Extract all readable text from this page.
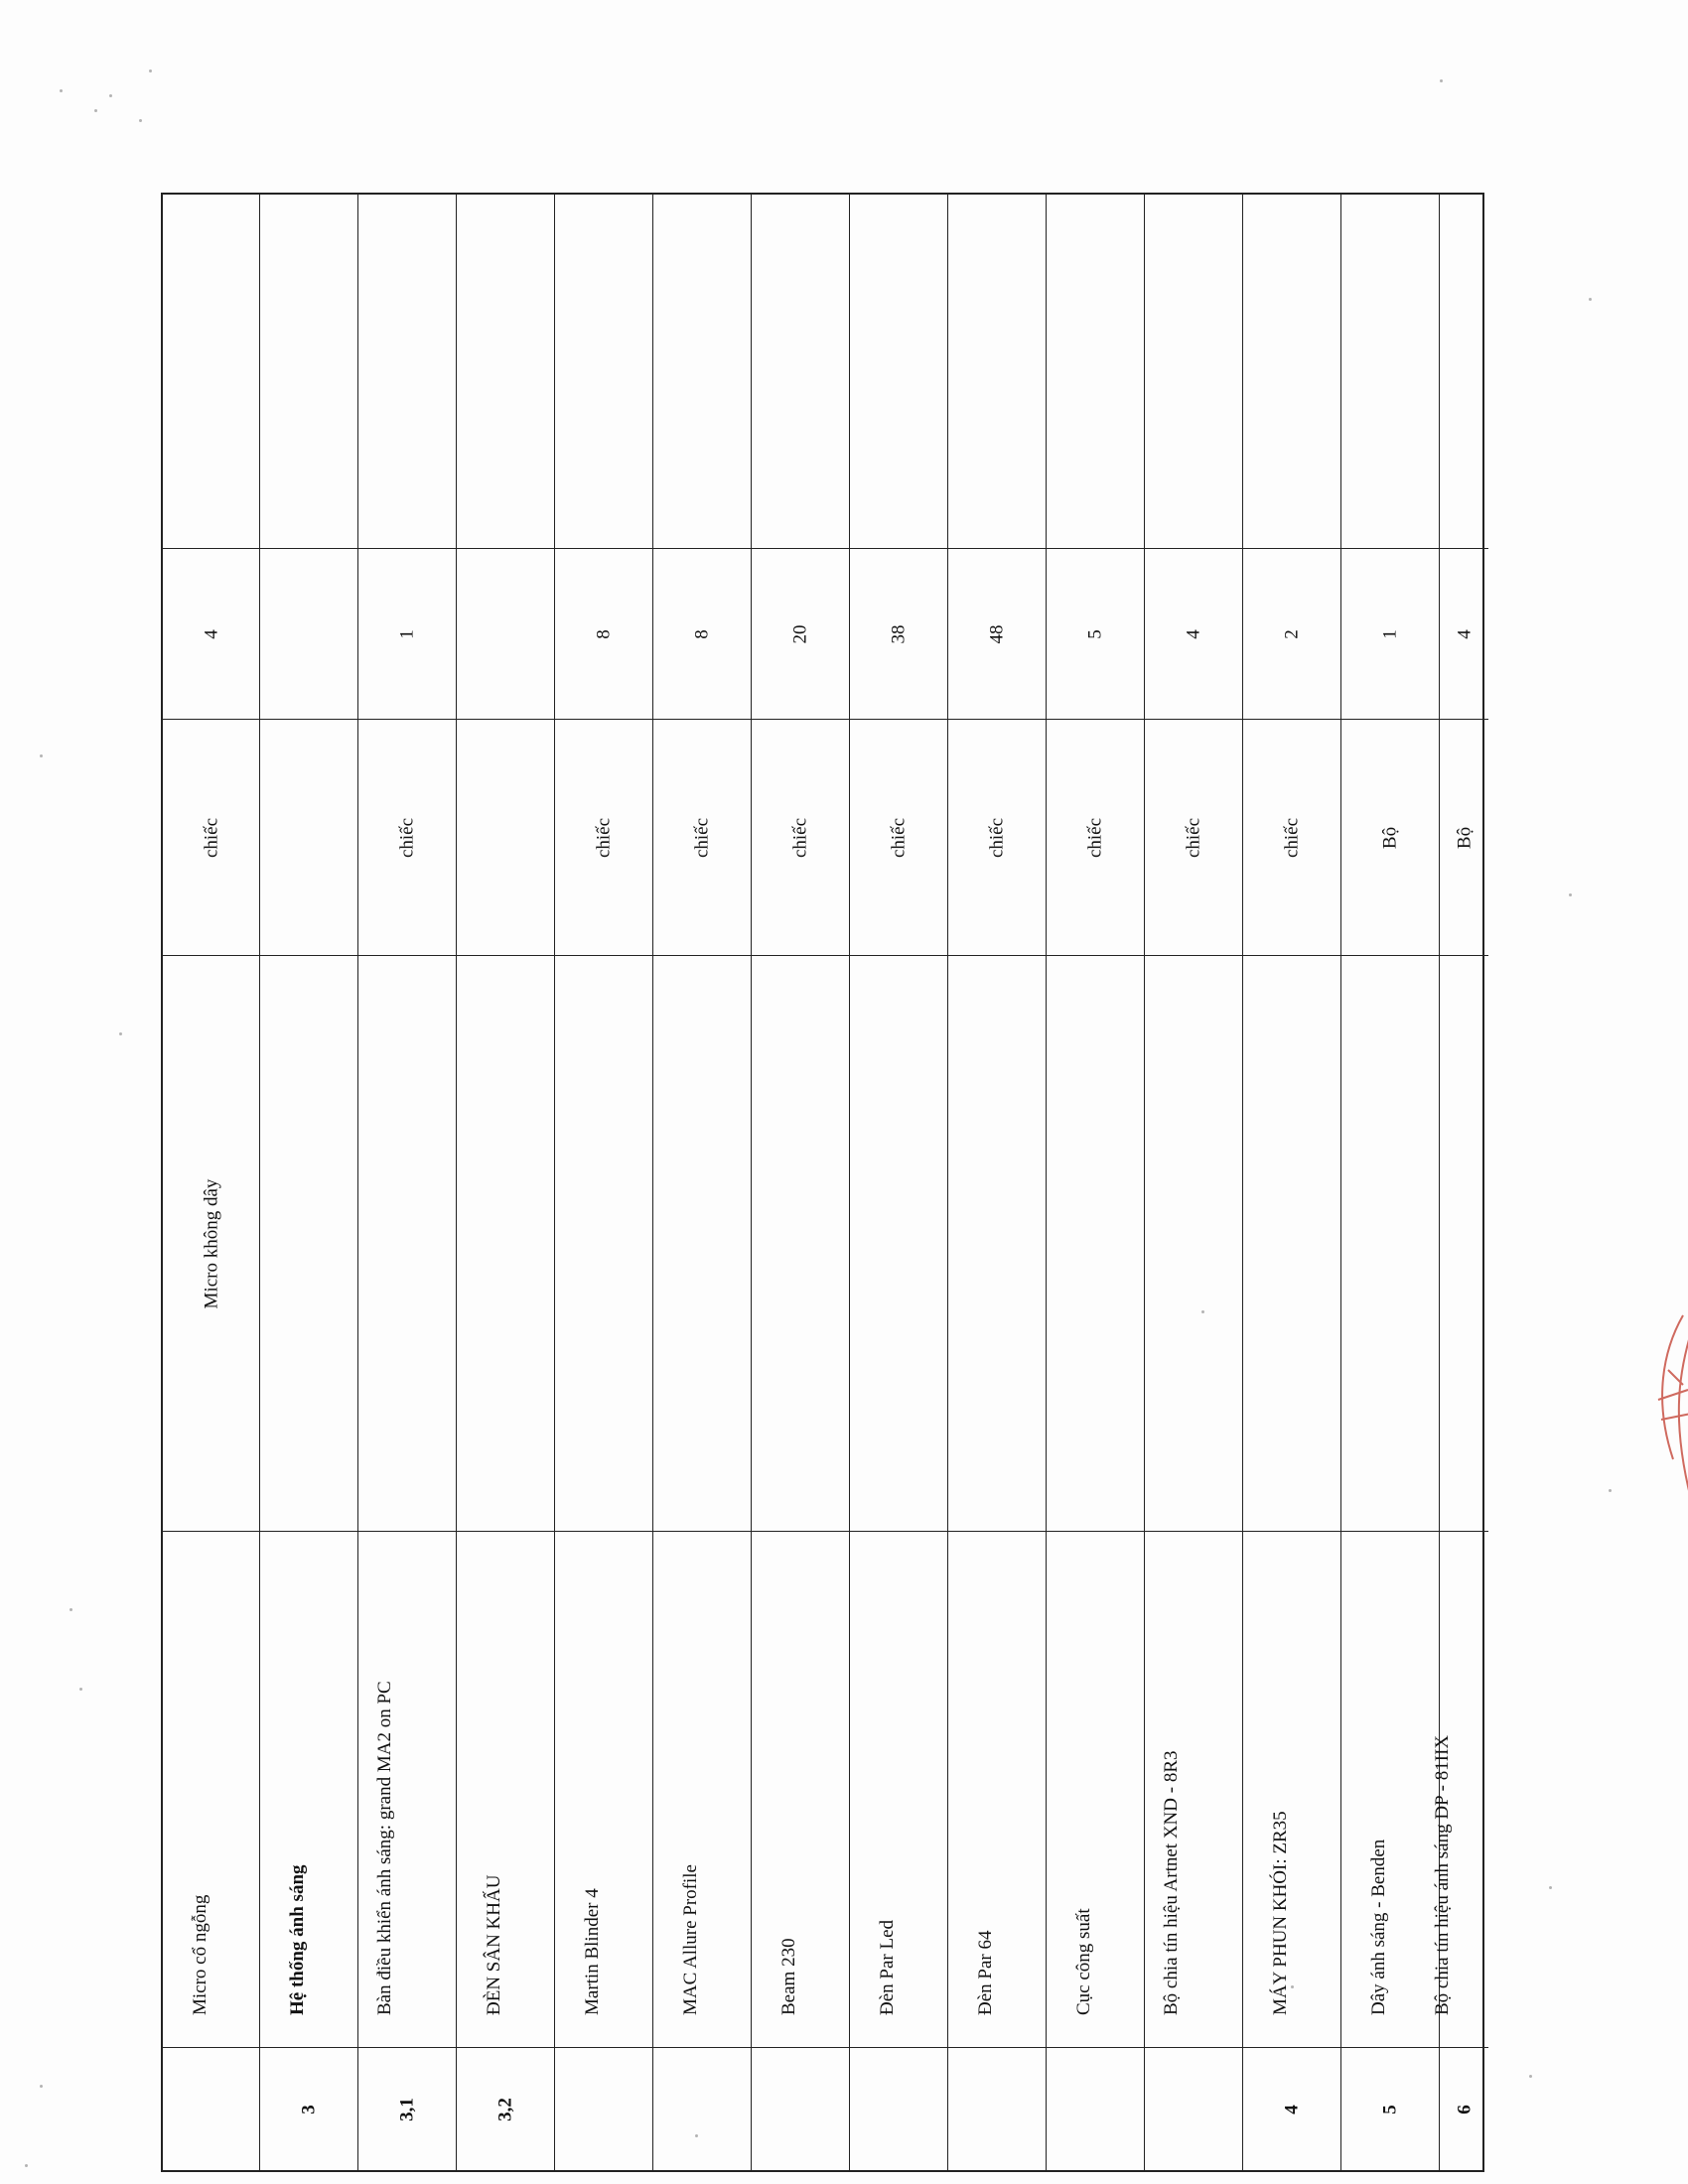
Micro cổ ngỗng
Micro không dây
chiếc
4
3
Hệ thống ánh sáng
3,1
Bàn điều khiển ánh sáng: grand MA2 on PC
chiếc
1
3,2
ĐÈN SÂN KHẤU	Martin Blinder 4
chiếc
8
MAC Allure Profile
chiếc
8
Beam 230
chiếc
20
Đèn Par Led
chiếc
38
Đèn Par 64
chiếc
48
Cục công suất
chiếc
5
Bộ chia tín hiệu Artnet XND - 8R3
chiếc
4
4
MÁY PHUN KHÓI: ZR35
chiếc
2
5
Dây ánh sáng - Benden
Bộ
1
6
Bộ chia tín hiệu ánh sáng DP - 81IIX
Bộ
4
